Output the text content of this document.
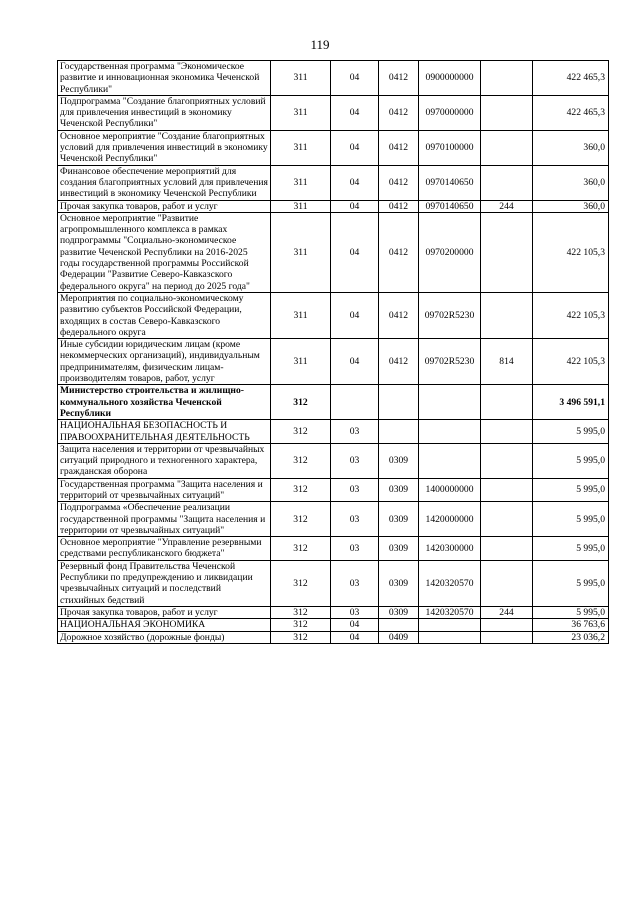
119
Государственная программа "Экономическое развитие и инновационная экономика Чеченской Республики"	311	04	0412	0900000000		422 465,3
Подпрограмма "Создание благоприятных условий для привлечения инвестиций в экономику Чеченской Республики"	311	04	0412	0970000000		422 465,3
Основное мероприятие "Создание благоприятных условий для привлечения инвестиций в экономику Чеченской Республики"	311	04	0412	0970100000		360,0
Финансовое обеспечение мероприятий для создания благоприятных условий для привлечения инвестиций в экономику Чеченской Республики	311	04	0412	0970140650		360,0
Прочая закупка товаров, работ и услуг	311	04	0412	0970140650	244	360,0
Основное мероприятие "Развитие агропромышленного комплекса в рамках подпрограммы "Социально-экономическое развитие Чеченской Республики на 2016-2025 годы государственной программы Российской Федерации "Развитие Северо-Кавказского федерального округа" на период до 2025 года"	311	04	0412	0970200000		422 105,3
Мероприятия по социально-экономическому развитию субъектов Российской Федерации, входящих в состав Северо-Кавказского федерального округа	311	04	0412	09702R5230		422 105,3
Иные субсидии юридическим лицам (кроме некоммерческих организаций), индивидуальным предпринимателям, физическим лицам-производителям товаров, работ, услуг	311	04	0412	09702R5230	814	422 105,3
Министерство строительства и жилищно-коммунального хозяйства Чеченской Республики	312					3 496 591,1
НАЦИОНАЛЬНАЯ БЕЗОПАСНОСТЬ И ПРАВООХРАНИТЕЛЬНАЯ ДЕЯТЕЛЬНОСТЬ	312	03				5 995,0
Защита населения и территории от чрезвычайных ситуаций природного и техногенного характера, гражданская оборона	312	03	0309			5 995,0
Государственная программа "Защита населения и территорий от чрезвычайных ситуаций"	312	03	0309	1400000000		5 995,0
Подпрограмма «Обеспечение реализации государственной программы "Защита населения и территории от чрезвычайных ситуаций"	312	03	0309	1420000000		5 995,0
Основное мероприятие "Управление резервными средствами республиканского бюджета"	312	03	0309	1420300000		5 995,0
Резервный фонд Правительства Чеченской Республики по предупреждению и ликвидации чрезвычайных ситуаций и последствий стихийных бедствий	312	03	0309	1420320570		5 995,0
Прочая закупка товаров, работ и услуг	312	03	0309	1420320570	244	5 995,0
НАЦИОНАЛЬНАЯ ЭКОНОМИКА	312	04				36 763,6
Дорожное хозяйство (дорожные фонды)	312	04	0409			23 036,2
